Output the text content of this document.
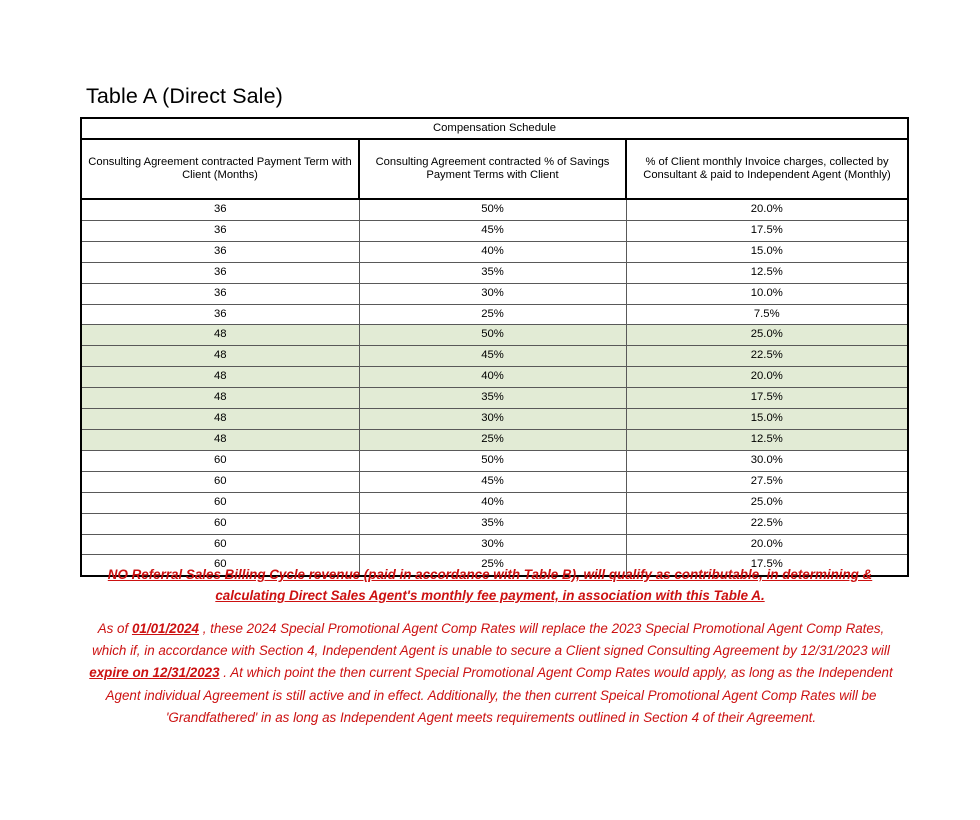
Table A (Direct Sale)
Compensation Schedule		
Consulting Agreement contracted Payment Term with Client (Months)	Consulting Agreement contracted % of Savings Payment Terms with Client	% of Client monthly Invoice charges, collected by Consultant & paid to Independent Agent (Monthly)
36	50%	20.0%
36	45%	17.5%
36	40%	15.0%
36	35%	12.5%
36	30%	10.0%
36	25%	7.5%
48	50%	25.0%
48	45%	22.5%
48	40%	20.0%
48	35%	17.5%
48	30%	15.0%
48	25%	12.5%
60	50%	30.0%
60	45%	27.5%
60	40%	25.0%
60	35%	22.5%
60	30%	20.0%
60	25%	17.5%
NO Referral Sales Billing Cycle revenue (paid in accordance with Table B), will qualify as contributable, in determining & calculating Direct Sales Agent's monthly fee payment, in association with this Table A.
As of 01/01/2024 , these 2024 Special Promotional Agent Comp Rates will replace the 2023 Special Promotional Agent Comp Rates, which if, in accordance with Section 4, Independent Agent is unable to secure a Client signed Consulting Agreement by 12/31/2023 will expire on 12/31/2023 . At which point the then current Special Promotional Agent Comp Rates would apply, as long as the Independent Agent individual Agreement is still active and in effect. Additionally, the then current Speical Promotional Agent Comp Rates will be 'Grandfathered' in as long as Independent Agent meets requirements outlined in Section 4 of their Agreement.
